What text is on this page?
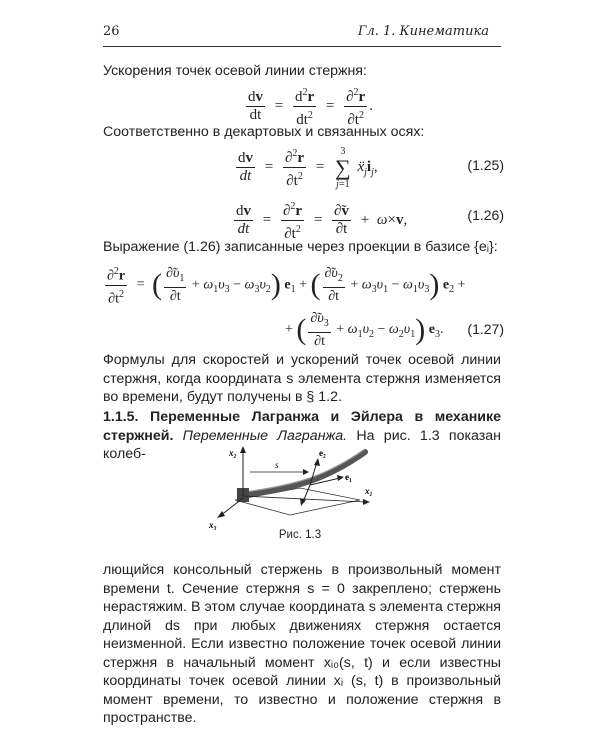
26	Гл. 1. Кинематика
Ускорения точек осевой линии стержня:
$\frac{dv}{dt} = \frac{d^2r}{dt^2} = \frac{\partial^2r}{\partial t^2}$ .
Соответственно в декартовых и связанных осях:
$\frac{dv}{dt} = \frac{\partial^2r}{\partial t^2} = 3$
∑
j=1 $ẍ_ji_j$,	(1.25)
$\frac{dv}{dt} = \frac{\partial^2r}{\partial t^2} = \frac{\partial̃v}{\partial t} + \omega\times v$,	(1.26)
Выражение (1.26) записанные через проекции в базисе {eᵢ}:
$\frac{\partial^2r}{\partial t^2}$ = ( $\frac{\partial̃\upsilon_1}{\partial t} + \omega_1\upsilon_3 - \omega_3\upsilon_2$) $e_1$ + ( $\frac{\partial̃\upsilon_2}{\partial t} + \omega_3\upsilon_1 - \omega_1\upsilon_3$) $e_2$ +
+ ( $\frac{\partial̃\upsilon_3}{\partial t} + \omega_1\upsilon_2 - \omega_2\upsilon_1$) $e_3$. (1.27)
Формулы для скоростей и ускорений точек осевой линии стержня, когда координата s элемента стержня изменяется во времени, будут получены в § 1.2.
1.1.5. Переменные Лагранжа и Эйлера в механике стержней. Переменные Лагранжа. На рис. 1.3 показан колеб-	x₂
s
e₂
e₁
x₁
x₃
Рис. 1.3
лющийся консольный стержень в произвольный момент времени t. Сечение стержня s = 0 закреплено; стержень нерастяжим. В этом случае координата s элемента стержня длиной ds при любых движениях стержня остается неизменной. Если известно положение точек осевой линии стержня в начальный момент xᵢ₀(s, t) и если известны координаты точек осевой линии xᵢ (s, t) в произвольный момент времени, то известно и положение стержня в пространстве.
